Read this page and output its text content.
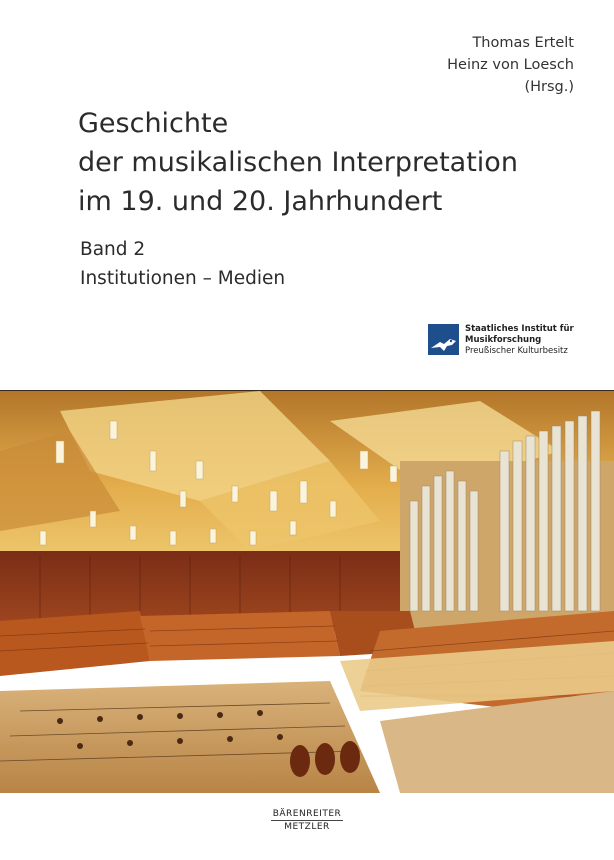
Thomas Ertelt
Heinz von Loesch
(Hrsg.)
Geschichte
der musikalischen Interpretation
im 19. und 20. Jahrhundert
Band 2
Institutionen – Medien
Staatliches Institut für
Musikforschung
Preußischer Kulturbesitz
BÄRENREITER
METZLER
